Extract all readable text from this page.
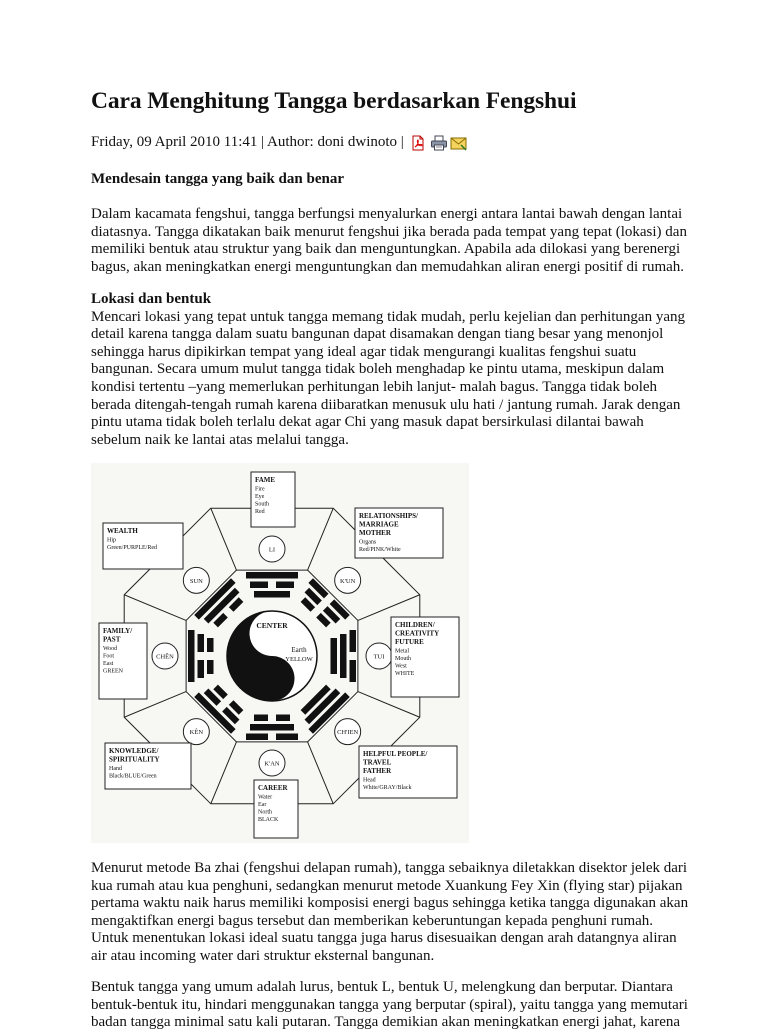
Cara Menghitung Tangga berdasarkan Fengshui
Friday, 09 April 2010 11:41 | Author: doni dwinoto |
Mendesain tangga yang baik dan benar
Dalam kacamata fengshui, tangga berfungsi menyalurkan energi antara lantai bawah dengan lantai
diatasnya. Tangga dikatakan baik menurut fengshui jika berada pada tempat yang tepat (lokasi) dan
memiliki bentuk atau struktur yang baik dan menguntungkan. Apabila ada dilokasi yang berenergi
bagus, akan meningkatkan energi menguntungkan dan memudahkan aliran energi positif di rumah.
Lokasi dan bentuk
Mencari lokasi yang tepat untuk tangga memang tidak mudah, perlu kejelian dan perhitungan yang
detail karena tangga dalam suatu bangunan dapat disamakan dengan tiang besar yang menonjol
sehingga harus dipikirkan tempat yang ideal agar tidak mengurangi kualitas fengshui suatu
bangunan. Secara umum mulut tangga tidak boleh menghadap ke pintu utama, meskipun dalam
kondisi tertentu –yang memerlukan perhitungan lebih lanjut- malah bagus. Tangga tidak boleh
berada ditengah-tengah rumah karena diibaratkan menusuk ulu hati / jantung rumah. Jarak dengan
pintu utama tidak boleh terlalu dekat agar Chi yang masuk dapat bersirkulasi dilantai bawah
sebelum naik ke lantai atas melalui tangga.
CENTER
Earth
YELLOW
LI
K'UN
TUI
CH'IEN
K'AN
KÊN
CHÊN
SUN
FAME
Fire
Eye
South
Red	RELATIONSHIPS/
MARRIAGE
MOTHER
Organs
Red/PINK/White
CHILDREN/
CREATIVITY
FUTURE
Metal
Mouth
West
WHITE
HELPFUL PEOPLE/
TRAVEL
FATHER
Head
White/GRAY/Black
CAREER
Water
Ear
North
BLACK
KNOWLEDGE/
SPIRITUALITY
Hand
Black/BLUE/Green
FAMILY/
PAST
Wood
Foot
East
GREEN
WEALTH
Hip
Green/PURPLE/Red
Menurut metode Ba zhai (fengshui delapan rumah), tangga sebaiknya diletakkan disektor jelek dari
kua rumah atau kua penghuni, sedangkan menurut metode Xuankung Fey Xin (flying star) pijakan
pertama waktu naik harus memiliki komposisi energi bagus sehingga ketika tangga digunakan akan
mengaktifkan energi bagus tersebut dan memberikan keberuntungan kepada penghuni rumah.
Untuk menentukan lokasi ideal suatu tangga juga harus disesuaikan dengan arah datangnya aliran
air atau incoming water dari struktur eksternal bangunan.
Bentuk tangga yang umum adalah lurus, bentuk L, bentuk U, melengkung dan berputar. Diantara
bentuk-bentuk itu, hindari menggunakan tangga yang berputar (spiral), yaitu tangga yang memutari
badan tangga minimal satu kali putaran. Tangga demikian akan meningkatkan energi jahat, karena
